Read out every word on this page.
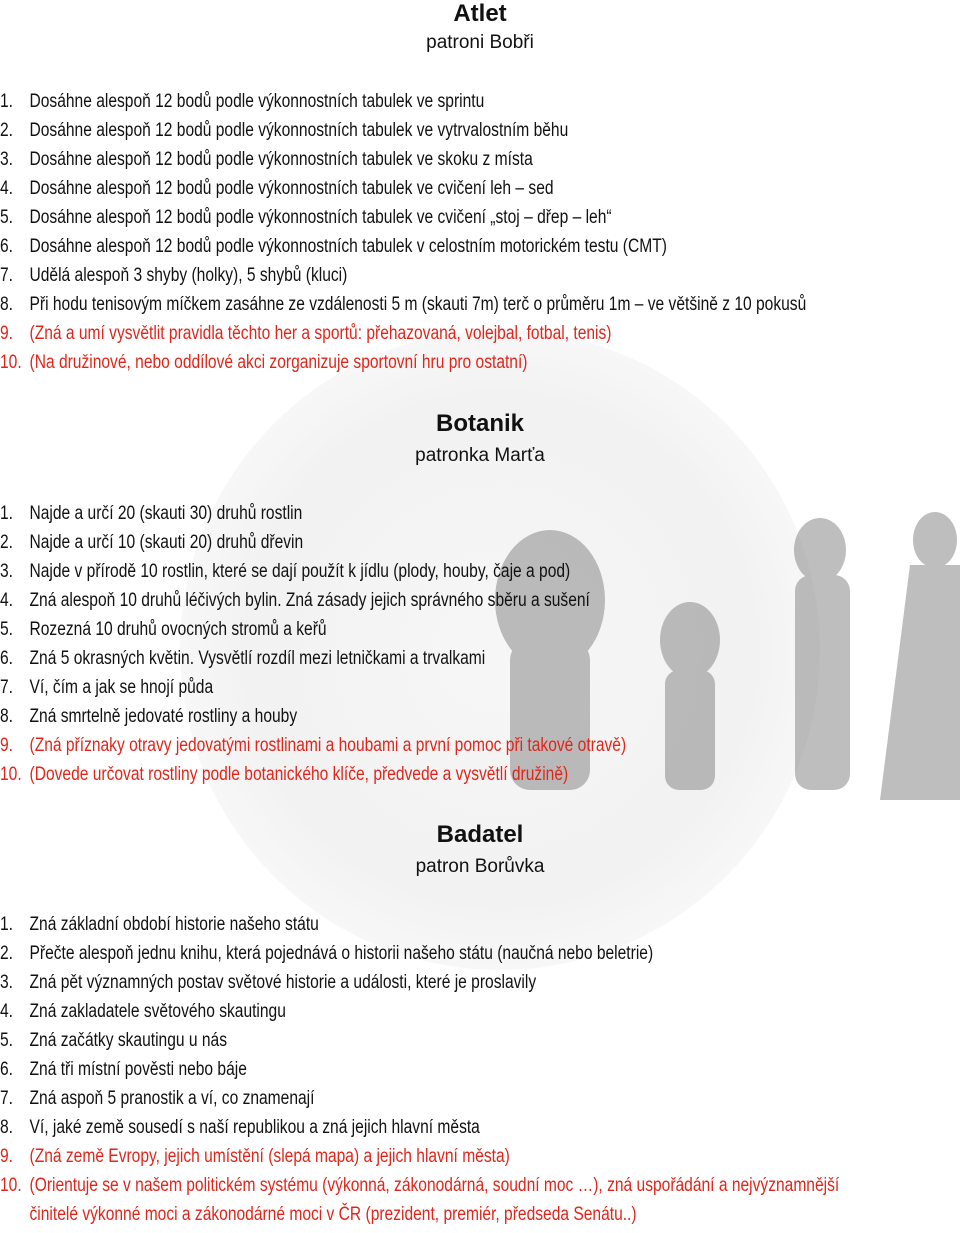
Atlet
patroni Bobři
1. Dosáhne alespoň 12 bodů podle výkonnostních tabulek ve sprintu
2. Dosáhne alespoň 12 bodů podle výkonnostních tabulek ve vytrvalostním běhu
3. Dosáhne alespoň 12 bodů podle výkonnostních tabulek ve skoku z místa
4. Dosáhne alespoň 12 bodů podle výkonnostních tabulek ve cvičení leh – sed
5. Dosáhne alespoň 12 bodů podle výkonnostních tabulek ve cvičení „stoj – dřep – leh“
6. Dosáhne alespoň 12 bodů podle výkonnostních tabulek v celostním motorickém testu (CMT)
7. Udělá alespoň 3 shyby (holky), 5 shybů (kluci)
8. Při hodu tenisovým míčkem zasáhne ze vzdálenosti 5 m (skauti 7m) terč o průměru 1m – ve většině z 10 pokusů
9. (Zná a umí vysvětlit pravidla těchto her a sportů: přehazovaná, volejbal, fotbal, tenis)
10. (Na družinové, nebo oddílové akci zorganizuje sportovní hru pro ostatní)
Botanik
patronka Marťa
1. Najde a určí 20 (skauti 30) druhů rostlin
2. Najde a určí 10 (skauti 20) druhů dřevin
3. Najde v přírodě 10 rostlin, které se dají použít k jídlu (plody, houby, čaje a pod)
4. Zná alespoň 10 druhů léčivých bylin. Zná zásady jejich správného sběru a sušení
5. Rozezná 10 druhů ovocných stromů a keřů
6. Zná 5 okrasných květin. Vysvětlí rozdíl mezi letničkami a trvalkami
7. Ví, čím a jak se hnojí půda
8. Zná smrtelně jedovaté rostliny a houby
9. (Zná příznaky otravy jedovatými rostlinami a houbami a první pomoc při takové otravě)
10. (Dovede určovat rostliny podle botanického klíče, předvede a vysvětlí družině)
Badatel
patron Borůvka
1. Zná základní období historie našeho státu
2. Přečte alespoň jednu knihu, která pojednává o historii našeho státu (naučná nebo beletrie)
3. Zná pět významných postav světové historie a události, které je proslavily
4. Zná zakladatele světového skautingu
5. Zná začátky skautingu u nás
6. Zná tři místní pověsti nebo báje
7. Zná aspoň 5 pranostik a ví, co znamenají
8. Ví, jaké země sousedí s naší republikou a zná jejich hlavní města
9. (Zná země Evropy, jejich umístění (slepá mapa) a jejich hlavní města)
10. (Orientuje se v našem politickém systému (výkonná, zákonodárná, soudní moc …), zná uspořádání a nejvýznamnější činitelé výkonné moci a zákonodárné moci v ČR (prezident, premiér, předseda Senátu..)
